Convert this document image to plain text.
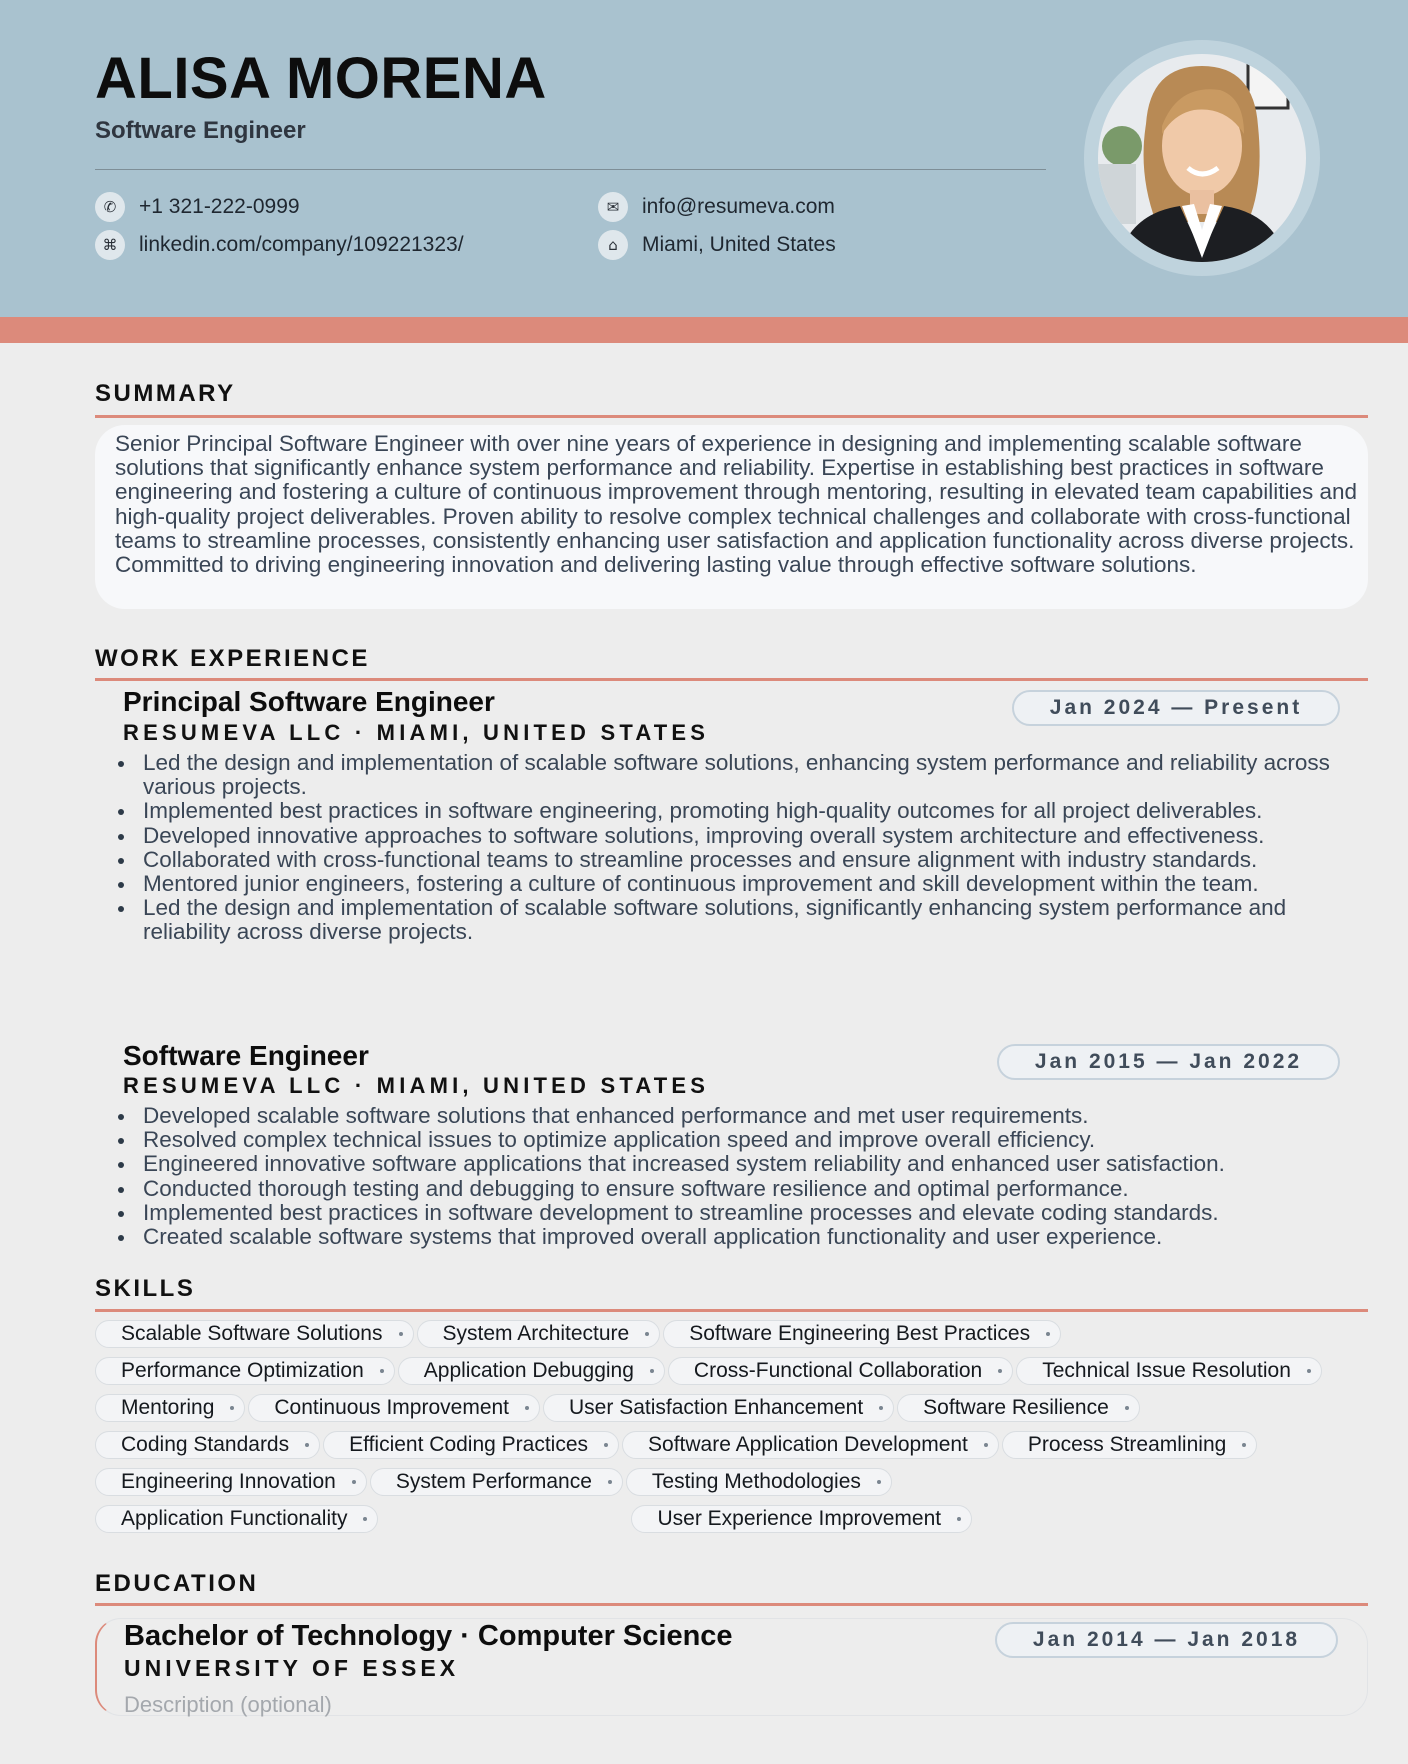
ALISA MORENA
Software Engineer
✆	+1 321-222-0999	✉	info@resumeva.com
⌘	linkedin.com/company/109221323/	⌂	Miami, United States
SUMMARY

Senior Principal Software Engineer with over nine years of experience in designing and implementing scalable software solutions that significantly enhance system performance and reliability. Expertise in establishing best practices in software engineering and fostering a culture of continuous improvement through mentoring, resulting in elevated team capabilities and high-quality project deliverables. Proven ability to resolve complex technical challenges and collaborate with cross-functional teams to streamline processes, consistently enhancing user satisfaction and application functionality across diverse projects. Committed to driving engineering innovation and delivering lasting value through effective software solutions.

WORK EXPERIENCE
Principal Software Engineer
RESUMEVA LLC · MIAMI, UNITED STATES
Jan 2024 — Present
Led the design and implementation of scalable software solutions, enhancing system performance and reliability across various projects.
Implemented best practices in software engineering, promoting high-quality outcomes for all project deliverables.
Developed innovative approaches to software solutions, improving overall system architecture and effectiveness.
Collaborated with cross-functional teams to streamline processes and ensure alignment with industry standards.
Mentored junior engineers, fostering a culture of continuous improvement and skill development within the team.
Led the design and implementation of scalable software solutions, significantly enhancing system performance and reliability across diverse projects.
Software Engineer
RESUMEVA LLC · MIAMI, UNITED STATES
Jan 2015 — Jan 2022
Developed scalable software solutions that enhanced performance and met user requirements.
Resolved complex technical issues to optimize application speed and improve overall efficiency.
Engineered innovative software applications that increased system reliability and enhanced user satisfaction.
Conducted thorough testing and debugging to ensure software resilience and optimal performance.
Implemented best practices in software development to streamline processes and elevate coding standards.
Created scalable software systems that improved overall application functionality and user experience.
SKILLS
Scalable Software Solutions	System Architecture	Software Engineering Best Practices
Performance Optimization	Application Debugging	Cross-Functional Collaboration	Technical Issue Resolution
Mentoring	Continuous Improvement	User Satisfaction Enhancement	Software Resilience
Coding Standards	Efficient Coding Practices	Software Application Development	Process Streamlining
Engineering Innovation	System Performance	Testing Methodologies
Application Functionality	User Experience Improvement
EDUCATION
Bachelor of Technology · Computer Science
UNIVERSITY OF ESSEX
Jan 2014 — Jan 2018
Description (optional)
